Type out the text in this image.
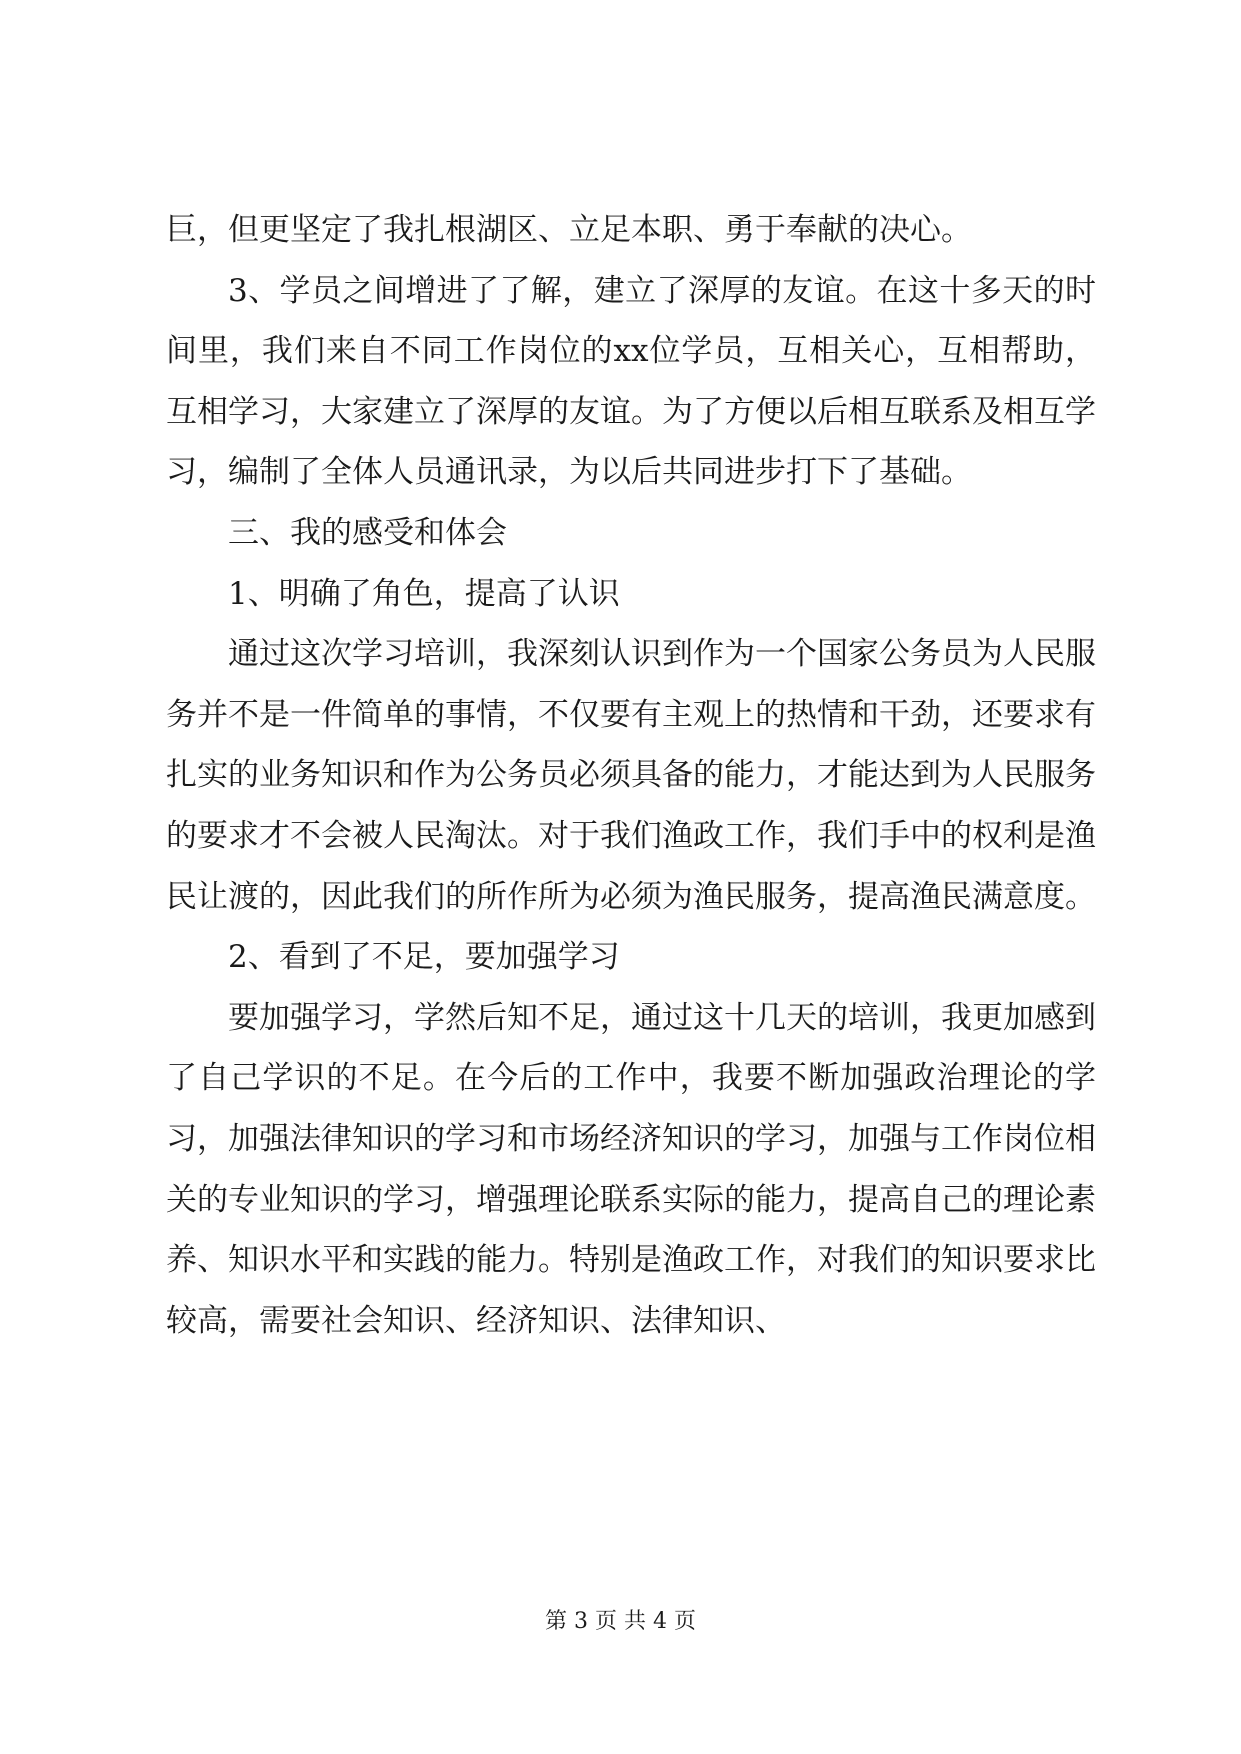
巨，但更坚定了我扎根湖区、立足本职、勇于奉献的决心。

3、学员之间增进了了解，建立了深厚的友谊。在这十多天的时间里，我们来自不同工作岗位的xx位学员，互相关心，互相帮助，互相学习，大家建立了深厚的友谊。为了方便以后相互联系及相互学习，编制了全体人员通讯录，为以后共同进步打下了基础。

三、我的感受和体会

1、明确了角色，提高了认识

通过这次学习培训，我深刻认识到作为一个国家公务员为人民服务并不是一件简单的事情，不仅要有主观上的热情和干劲，还要求有扎实的业务知识和作为公务员必须具备的能力，才能达到为人民服务的要求才不会被人民淘汰。对于我们渔政工作，我们手中的权利是渔民让渡的，因此我们的所作所为必须为渔民服务，提高渔民满意度。

2、看到了不足，要加强学习

要加强学习，学然后知不足，通过这十几天的培训，我更加感到了自己学识的不足。在今后的工作中，我要不断加强政治理论的学习，加强法律知识的学习和市场经济知识的学习，加强与工作岗位相关的专业知识的学习，增强理论联系实际的能力，提高自己的理论素养、知识水平和实践的能力。特别是渔政工作，对我们的知识要求比较高，需要社会知识、经济知识、法律知识、

第 3 页 共 4 页
